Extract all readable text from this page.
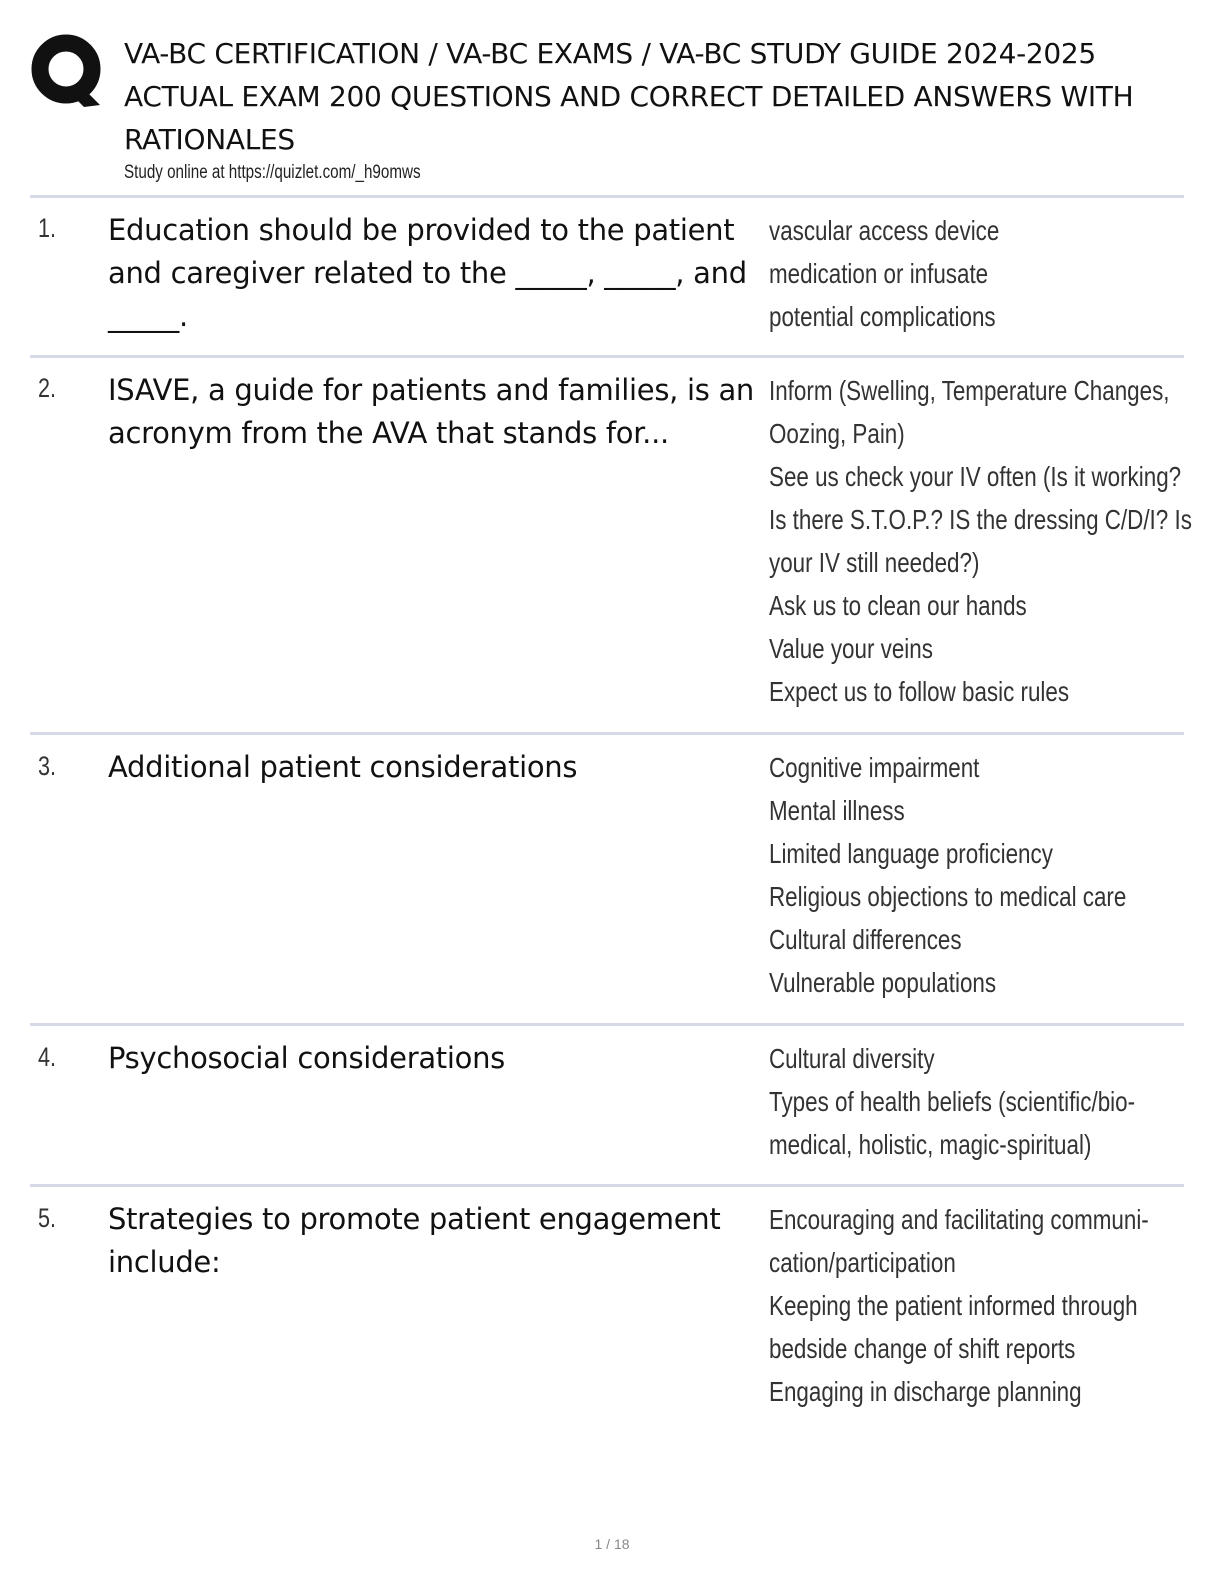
VA-BC CERTIFICATION / VA-BC EXAMS / VA-BC STUDY GUIDE 2024-2025 ACTUAL EXAM 200 QUESTIONS AND CORRECT DETAILED ANSWERS WITH RATIONALES
Study online at https://quizlet.com/_h9omws
1. Education should be provided to the patient and caregiver related to the _____, _____, and _____.
vascular access device
medication or infusate
potential complications
2. ISAVE, a guide for patients and families, is an acronym from the AVA that stands for...
Inform (Swelling, Temperature Changes,
Oozing, Pain)
See us check your IV often (Is it working?
Is there S.T.O.P.? IS the dressing C/D/I? Is
your IV still needed?)
Ask us to clean our hands
Value your veins
Expect us to follow basic rules
3. Additional patient considerations	Cognitive impairment
Mental illness
Limited language proficiency
Religious objections to medical care
Cultural differences
Vulnerable populations
4. Psychosocial considerations	Cultural diversity
Types of health beliefs (scientific/bio-
medical, holistic, magic-spiritual)
5. Strategies to promote patient engagement include:
Encouraging and facilitating communi-
cation/participation
Keeping the patient informed through
bedside change of shift reports
Engaging in discharge planning
1 / 18
